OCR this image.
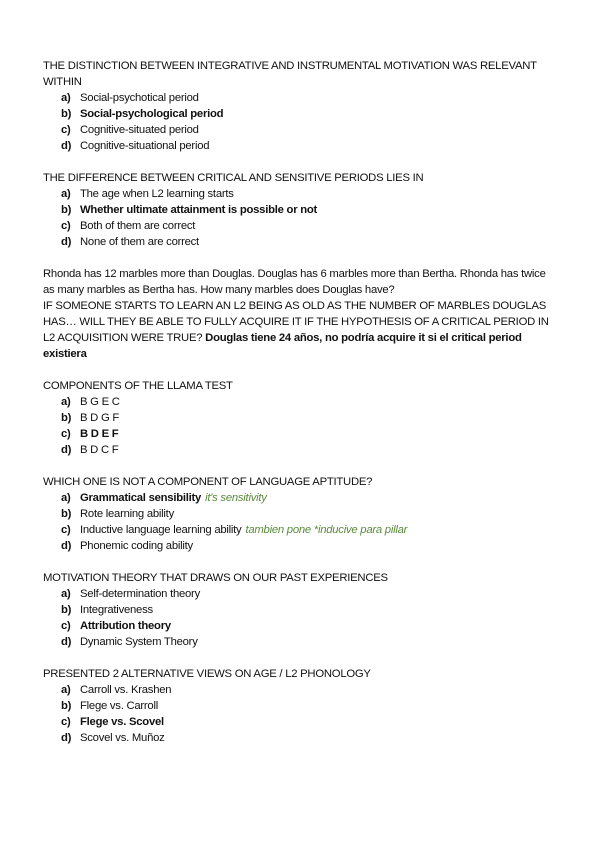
THE DISTINCTION BETWEEN INTEGRATIVE AND INSTRUMENTAL MOTIVATION WAS RELEVANT WITHIN
a) Social-psychotical period
b) Social-psychological period
c) Cognitive-situated period
d) Cognitive-situational period
THE DIFFERENCE BETWEEN CRITICAL AND SENSITIVE PERIODS LIES IN
a) The age when L2 learning starts
b) Whether ultimate attainment is possible or not
c) Both of them are correct
d) None of them are correct
Rhonda has 12 marbles more than Douglas. Douglas has 6 marbles more than Bertha. Rhonda has twice as many marbles as Bertha has. How many marbles does Douglas have?
IF SOMEONE STARTS TO LEARN AN L2 BEING AS OLD AS THE NUMBER OF MARBLES DOUGLAS HAS… WILL THEY BE ABLE TO FULLY ACQUIRE IT IF THE HYPOTHESIS OF A CRITICAL PERIOD IN L2 ACQUISITION WERE TRUE? Douglas tiene 24 años, no podría acquire it si el critical period existiera
COMPONENTS OF THE LLAMA TEST
a) B G E C
b) B D G F
c) B D E F
d) B D C F
WHICH ONE IS NOT A COMPONENT OF LANGUAGE APTITUDE?
a) Grammatical sensibility it's sensitivity
b) Rote learning ability
c) Inductive language learning ability tambien pone *inducive para pillar
d) Phonemic coding ability
MOTIVATION THEORY THAT DRAWS ON OUR PAST EXPERIENCES
a) Self-determination theory
b) Integrativeness
c) Attribution theory
d) Dynamic System Theory
PRESENTED 2 ALTERNATIVE VIEWS ON AGE / L2 PHONOLOGY
a) Carroll vs. Krashen
b) Flege vs. Carroll
c) Flege vs. Scovel
d) Scovel vs. Muñoz
